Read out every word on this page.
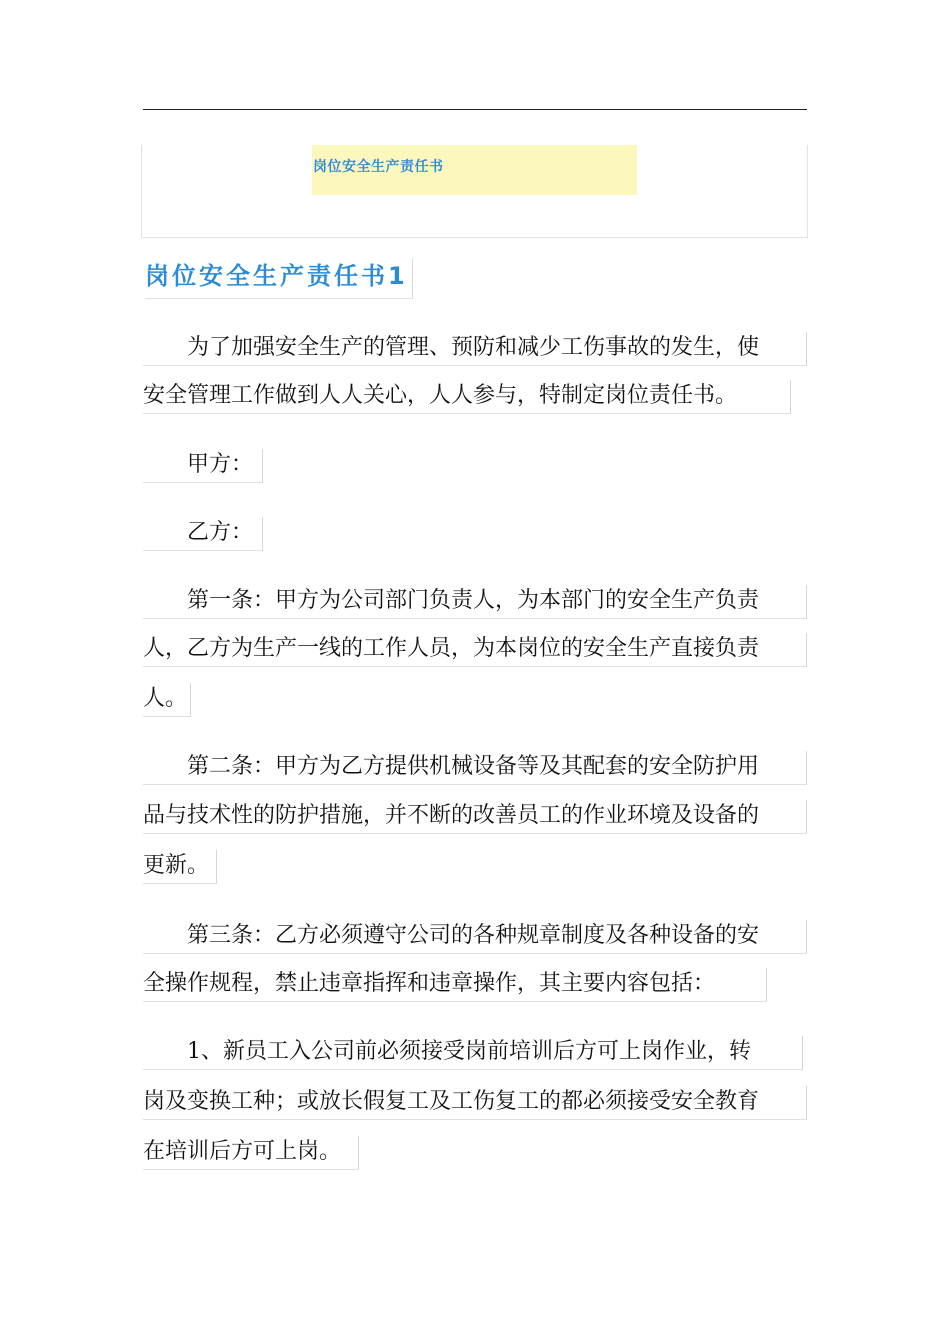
岗位安全生产责任书
岗位安全生产责任书1
　　为了加强安全生产的管理、预防和减少工伤事故的发生，使
安全管理工作做到人人关心，人人参与，特制定岗位责任书。
　　甲方：
　　乙方：
　　第一条：甲方为公司部门负责人，为本部门的安全生产负责
人，乙方为生产一线的工作人员，为本岗位的安全生产直接负责
人。
　　第二条：甲方为乙方提供机械设备等及其配套的安全防护用
品与技术性的防护措施，并不断的改善员工的作业环境及设备的
更新。
　　第三条：乙方必须遵守公司的各种规章制度及各种设备的安
全操作规程，禁止违章指挥和违章操作，其主要内容包括：
　　1、新员工入公司前必须接受岗前培训后方可上岗作业，转
岗及变换工种；或放长假复工及工伤复工的都必须接受安全教育
在培训后方可上岗。
